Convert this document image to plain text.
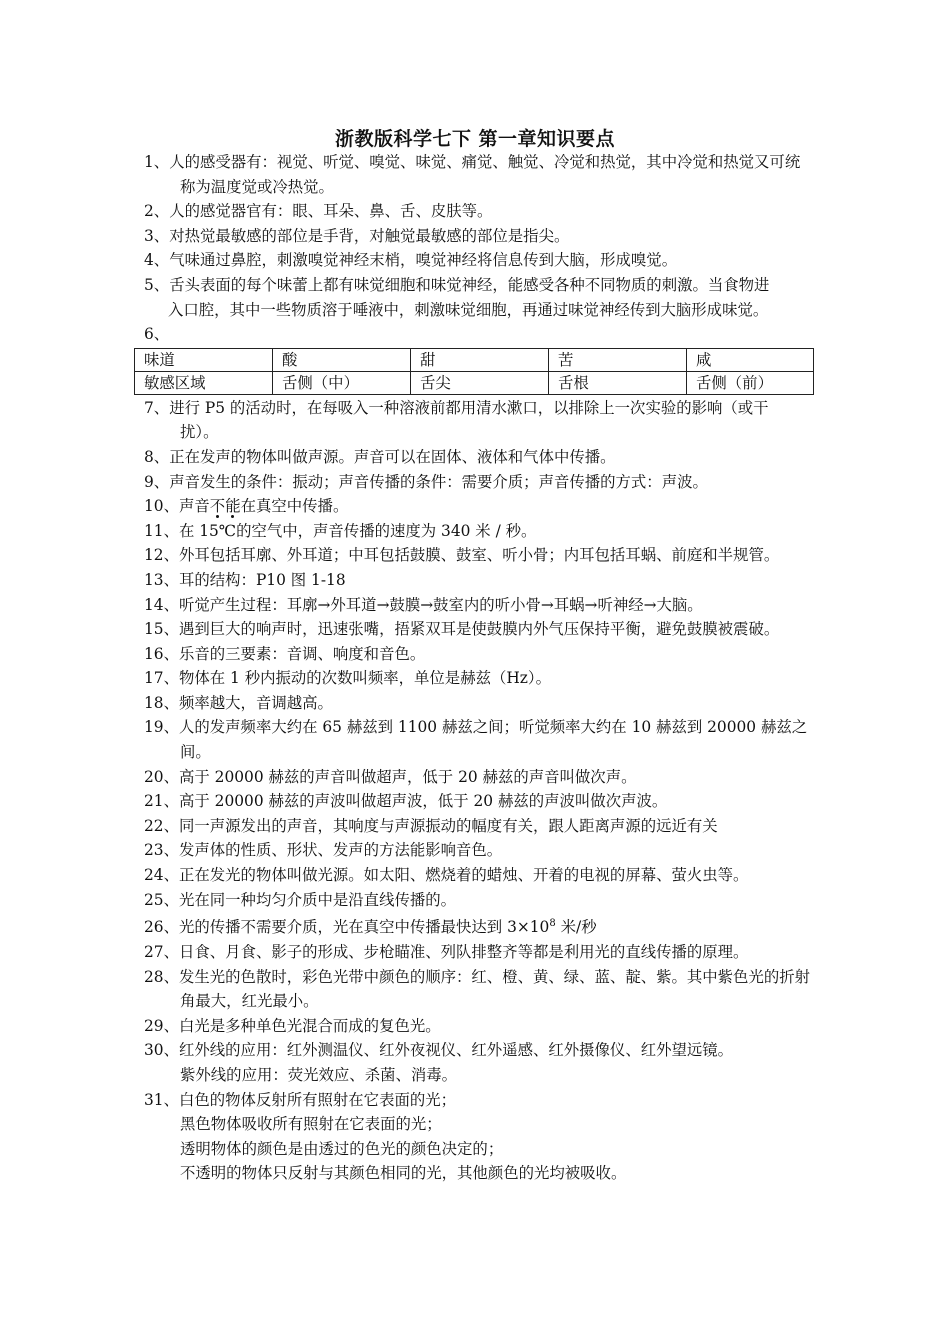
浙教版科学七下 第一章知识要点
1、人的感受器有：视觉、听觉、嗅觉、味觉、痛觉、触觉、冷觉和热觉，其中冷觉和热觉又可统
称为温度觉或冷热觉。
2、人的感觉器官有：眼、耳朵、鼻、舌、皮肤等。
3、对热觉最敏感的部位是手背，对触觉最敏感的部位是指尖。
4、气味通过鼻腔，刺激嗅觉神经末梢，嗅觉神经将信息传到大脑，形成嗅觉。
5、舌头表面的每个味蕾上都有味觉细胞和味觉神经，能感受各种不同物质的刺激。当食物进
入口腔，其中一些物质溶于唾液中，刺激味觉细胞，再通过味觉神经传到大脑形成味觉。
6、
味道	酸	甜	苦	咸
敏感区域	舌侧（中）	舌尖	舌根	舌侧（前）
7、进行 P5 的活动时，在每吸入一种溶液前都用清水漱口，以排除上一次实验的影响（或干
扰）。
8、正在发声的物体叫做声源。声音可以在固体、液体和气体中传播。
9、声音发生的条件：振动；声音传播的条件：需要介质；声音传播的方式：声波。
10、声音不能在真空中传播。
11、在 15℃的空气中，声音传播的速度为 340 米 / 秒。
12、外耳包括耳廓、外耳道；中耳包括鼓膜、鼓室、听小骨；内耳包括耳蜗、前庭和半规管。
13、耳的结构：P10 图 1-18
14、听觉产生过程：耳廓→外耳道→鼓膜→鼓室内的听小骨→耳蜗→听神经→大脑。
15、遇到巨大的响声时，迅速张嘴，捂紧双耳是使鼓膜内外气压保持平衡，避免鼓膜被震破。
16、乐音的三要素：音调、响度和音色。
17、物体在 1 秒内振动的次数叫频率，单位是赫兹（Hz）。
18、频率越大，音调越高。
19、人的发声频率大约在 65 赫兹到 1100 赫兹之间；听觉频率大约在 10 赫兹到 20000 赫兹之
间。
20、高于 20000 赫兹的声音叫做超声，低于 20 赫兹的声音叫做次声。
21、高于 20000 赫兹的声波叫做超声波，低于 20 赫兹的声波叫做次声波。
22、同一声源发出的声音，其响度与声源振动的幅度有关，跟人距离声源的远近有关
23、发声体的性质、形状、发声的方法能影响音色。
24、正在发光的物体叫做光源。如太阳、燃烧着的蜡烛、开着的电视的屏幕、萤火虫等。
25、光在同一种均匀介质中是沿直线传播的。
26、光的传播不需要介质，光在真空中传播最快达到 $3\times 10^8$ 米/秒
27、日食、月食、影子的形成、步枪瞄准、列队排整齐等都是利用光的直线传播的原理。
28、发生光的色散时，彩色光带中颜色的顺序：红、橙、黄、绿、蓝、靛、紫。其中紫色光的折射
角最大，红光最小。
29、白光是多种单色光混合而成的复色光。
30、红外线的应用：红外测温仪、红外夜视仪、红外遥感、红外摄像仪、红外望远镜。
紫外线的应用：荧光效应、杀菌、消毒。
31、白色的物体反射所有照射在它表面的光；
黑色物体吸收所有照射在它表面的光；
透明物体的颜色是由透过的色光的颜色决定的；
不透明的物体只反射与其颜色相同的光，其他颜色的光均被吸收。
